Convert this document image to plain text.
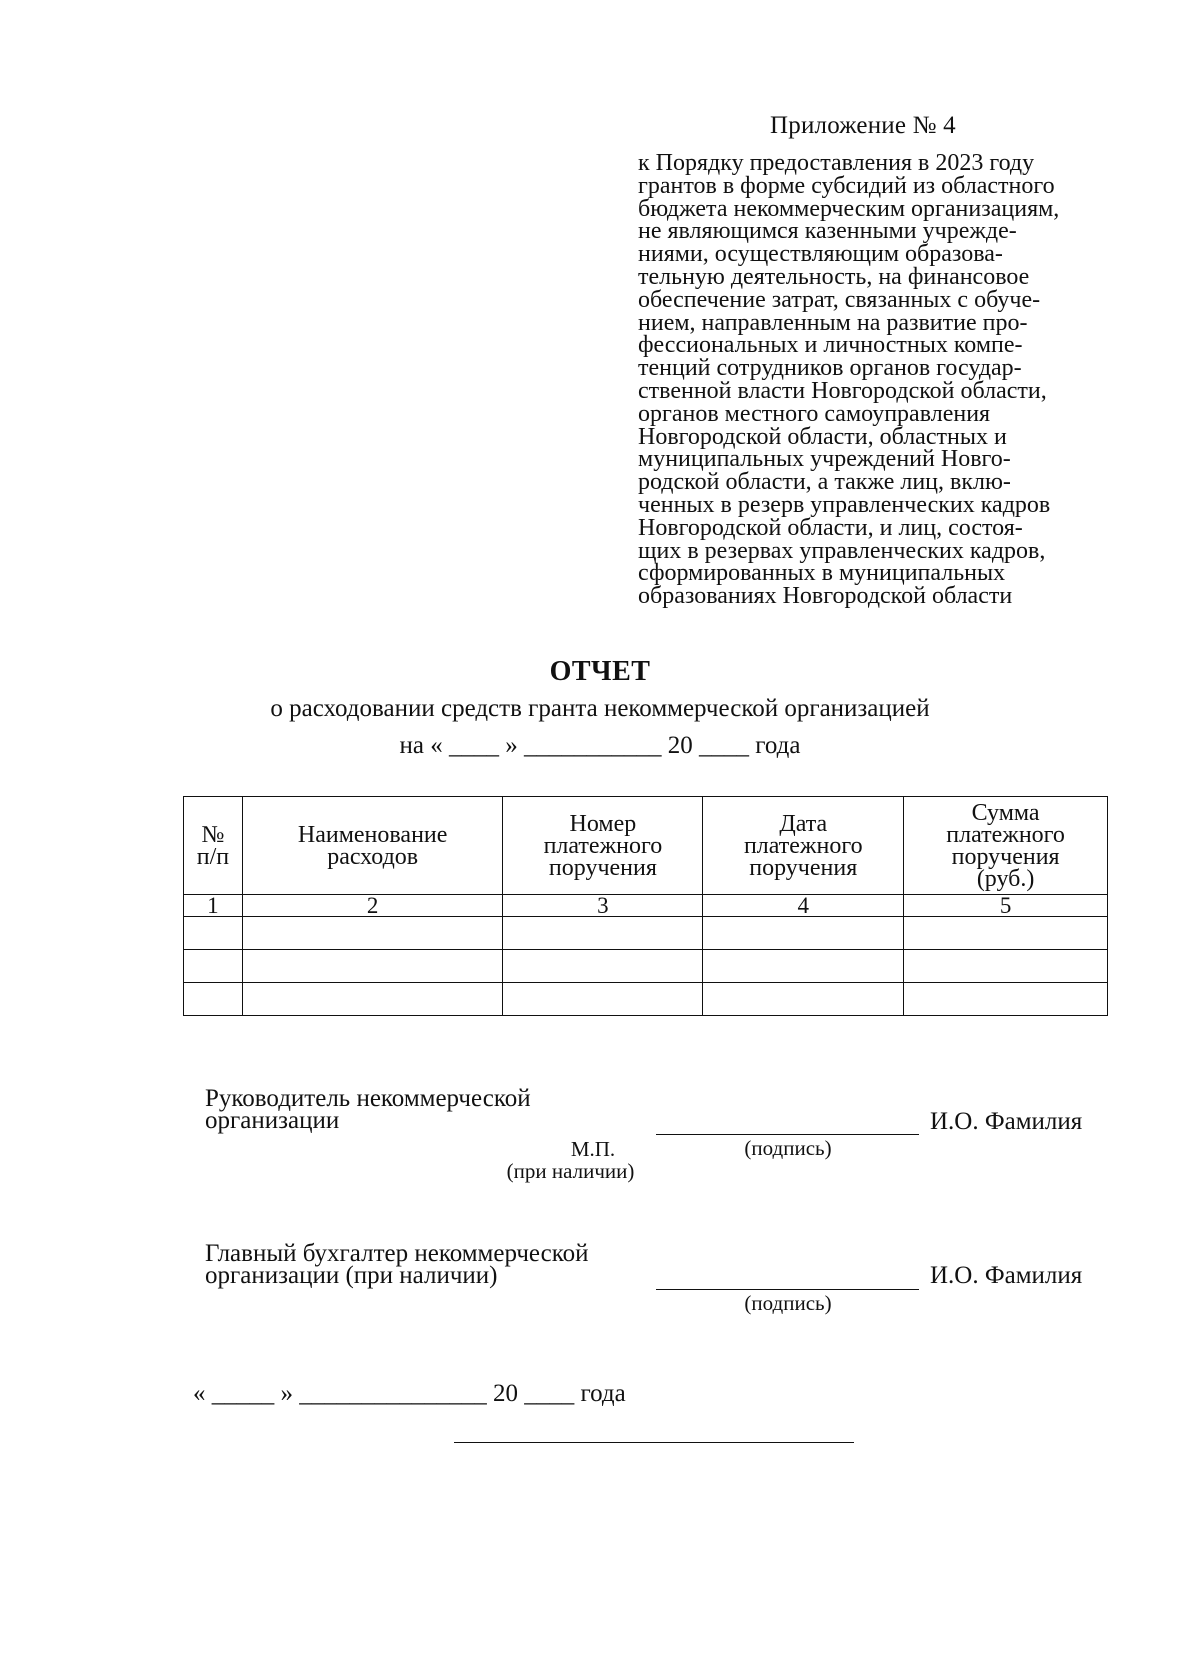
Приложение № 4
к Порядку предоставления в 2023 году
грантов в форме субсидий из областного
бюджета некоммерческим организациям,
не являющимся казенными учрежде-
ниями, осуществляющим образова-
тельную деятельность, на финансовое
обеспечение затрат, связанных с обуче-
нием, направленным на развитие про-
фессиональных и личностных компе-
тенций сотрудников органов государ-
ственной власти Новгородской области,
органов местного самоуправления
Новгородской области, областных и
муниципальных учреждений Новго-
родской области, а также лиц, вклю-
ченных в резерв управленческих кадров
Новгородской области, и лиц, состоя-
щих в резервах управленческих кадров,
сформированных в муниципальных
образованиях Новгородской области
ОТЧЕТ
о расходовании средств гранта некоммерческой организацией
на « ____ » ___________ 20 ____ года
№ п/п	Наименование расходов	Номер платежного поручения	Дата платежного поручения	Сумма платежного поручения (руб.)
1	2	3	4	5

Руководитель некоммерческой
организации	И.О. Фамилия
М.П.
(при наличии)
(подпись)
Главный бухгалтер некоммерческой
организации (при наличии)	И.О. Фамилия
(подпись)
« _____ » _______________ 20 ____ года
